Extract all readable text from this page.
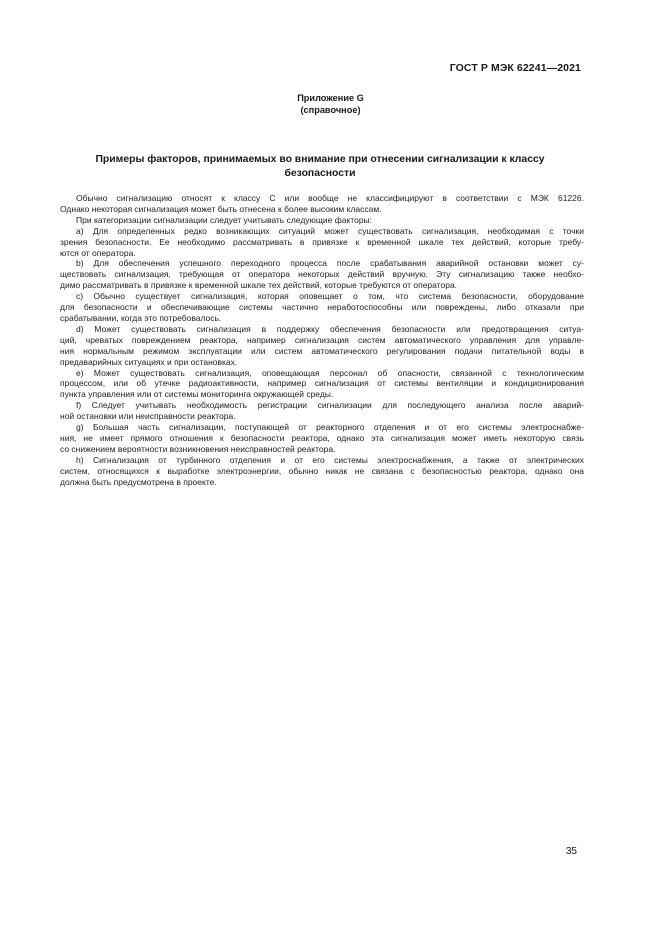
ГОСТ Р МЭК 62241—2021
Приложение G
(справочное)
Примеры факторов, принимаемых во внимание при отнесении сигнализации к классу
безопасности
Обычно сигнализацию относят к классу C или вообще не классифицируют в соответствии с МЭК 61226.
Однако некоторая сигнализация может быть отнесена к более высоким классам.
При категоризации сигнализации следует учитывать следующие факторы:
a) Для определенных редко возникающих ситуаций может существовать сигнализация, необходимая с точки
зрения безопасности. Ее необходимо рассматривать в привязке к временной шкале тех действий, которые требу-
ются от оператора.
b) Для обеспечения успешного переходного процесса после срабатывания аварийной остановки может су-
ществовать сигнализация, требующая от оператора некоторых действий вручную. Эту сигнализацию также необхо-
димо рассматривать в привязке к временной шкале тех действий, которые требуются от оператора.
c) Обычно существует сигнализация, которая оповещает о том, что система безопасности, оборудование
для безопасности и обеспечивающие системы частично неработоспособны или повреждены, либо отказали при
срабатывании, когда это потребовалось.
d) Может существовать сигнализация в поддержку обеспечения безопасности или предотвращения ситуа-
ций, чреватых повреждением реактора, например сигнализация систем автоматического управления для управле-
ния нормальным режимом эксплуатации или систем автоматического регулирования подачи питательной воды в
предаварийных ситуациях и при остановках.
e) Может существовать сигнализация, оповещающая персонал об опасности, связанной с технологическим
процессом, или об утечке радиоактивности, например сигнализация от системы вентиляции и кондиционирования
пункта управления или от системы мониторинга окружающей среды.
f) Следует учитывать необходимость регистрации сигнализации для последующего анализа после аварий-
ной остановки или неисправности реактора.
g) Большая часть сигнализации, поступающей от реакторного отделения и от его системы электроснабже-
ния, не имеет прямого отношения к безопасности реактора, однако эта сигнализация может иметь некоторую связь
со снижением вероятности возникновения неисправностей реактора.
h) Сигнализация от турбинного отделения и от его системы электроснабжения, а также от электрических
систем, относящихся к выработке электроэнергии, обычно никак не связана с безопасностью реактора, однако она
должна быть предусмотрена в проекте.
35
